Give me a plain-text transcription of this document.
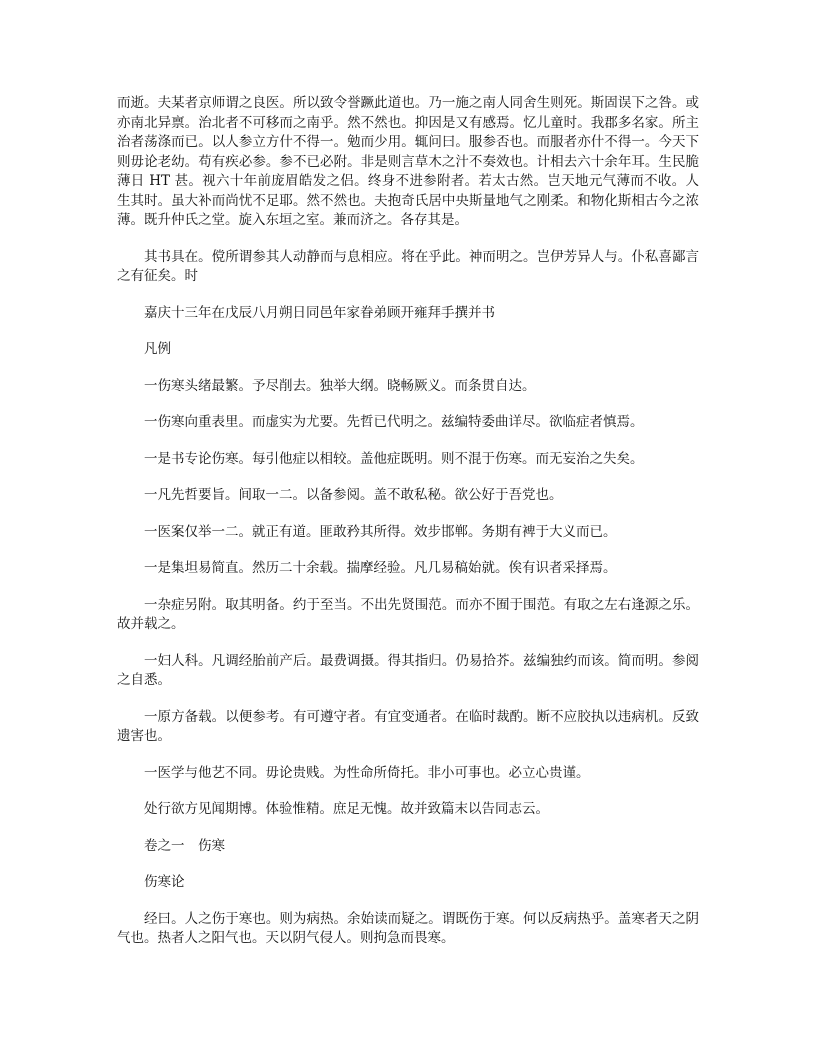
而逝。夫某者京师谓之良医。所以致令誉蹶此道也。乃一施之南人同舍生则死。斯固误下之咎。或亦南北异禀。治北者不可移而之南乎。然不然也。抑因是又有感焉。忆儿童时。我郡多名家。所主治者荡涤而已。以人参立方什不得一。勉而少用。辄问曰。服参否也。而服者亦什不得一。今天下则毋论老幼。苟有疾必参。参不已必附。非是则言草木之汁不奏效也。计相去六十余年耳。生民脆薄日 HT 甚。视六十年前庞眉皓发之侣。终身不进参附者。若太古然。岂天地元气薄而不收。人生其时。虽大补而尚忧不足耶。然不然也。夫抱奇氏居中央斯量地气之刚柔。和物化斯相古今之浓薄。既升仲氏之堂。旋入东垣之室。兼而济之。各存其是。

其书具在。傥所谓参其人动静而与息相应。将在乎此。神而明之。岂伊芳异人与。仆私喜鄙言之有征矣。时

嘉庆十三年在戊辰八月朔日同邑年家眷弟顾开雍拜手撰并书

凡例

一伤寒头绪最繁。予尽削去。独举大纲。晓畅厥义。而条贯自达。

一伤寒向重表里。而虚实为尤要。先哲已代明之。兹编特委曲详尽。欲临症者慎焉。

一是书专论伤寒。每引他症以相较。盖他症既明。则不混于伤寒。而无妄治之失矣。

一凡先哲要旨。间取一二。以备参阅。盖不敢私秘。欲公好于吾党也。

一医案仅举一二。就正有道。匪敢矜其所得。效步邯郸。务期有裨于大义而已。

一是集坦易简直。然历二十余载。揣摩经验。凡几易稿始就。俟有识者采择焉。

一杂症另附。取其明备。约于至当。不出先贤围范。而亦不囿于围范。有取之左右逢源之乐。故并载之。

一妇人科。凡调经胎前产后。最费调摄。得其指归。仍易拾芥。兹编独约而该。简而明。参阅之自悉。

一原方备载。以便参考。有可遵守者。有宜变通者。在临时裁酌。断不应胶执以违病机。反致遗害也。

一医学与他艺不同。毋论贵贱。为性命所倚托。非小可事也。必立心贵谨。

处行欲方见闻期博。体验惟精。庶足无愧。故并致篇末以告同志云。

卷之一　伤寒

伤寒论

经曰。人之伤于寒也。则为病热。余始读而疑之。谓既伤于寒。何以反病热乎。盖寒者天之阴气也。热者人之阳气也。天以阴气侵人。则拘急而畏寒。
